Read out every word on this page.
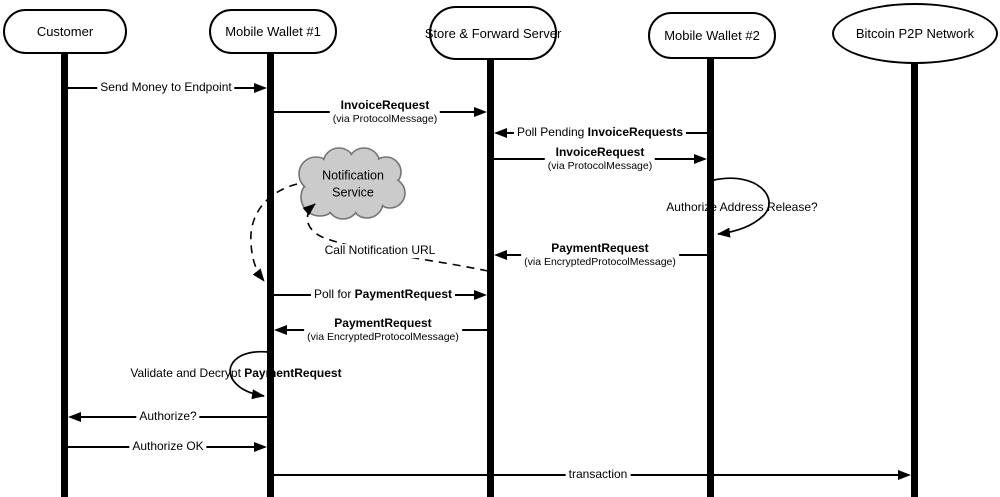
Customer	Mobile Wallet #1	Store & Forward Server	Mobile Wallet #2	Bitcoin P2P Network
Send Money to Endpoint
InvoiceRequest
(via ProtocolMessage)
Poll Pending InvoiceRequests
InvoiceRequest
(via ProtocolMessage)
Authorize Address Release?
PaymentRequest
(via EncryptedProtocolMessage)
Call Notification URL
Poll for PaymentRequest
PaymentRequest
(via EncryptedProtocolMessage)
Validate and Decrypt PaymentRequest
Authorize?
Authorize OK
transaction
Notification
Service
